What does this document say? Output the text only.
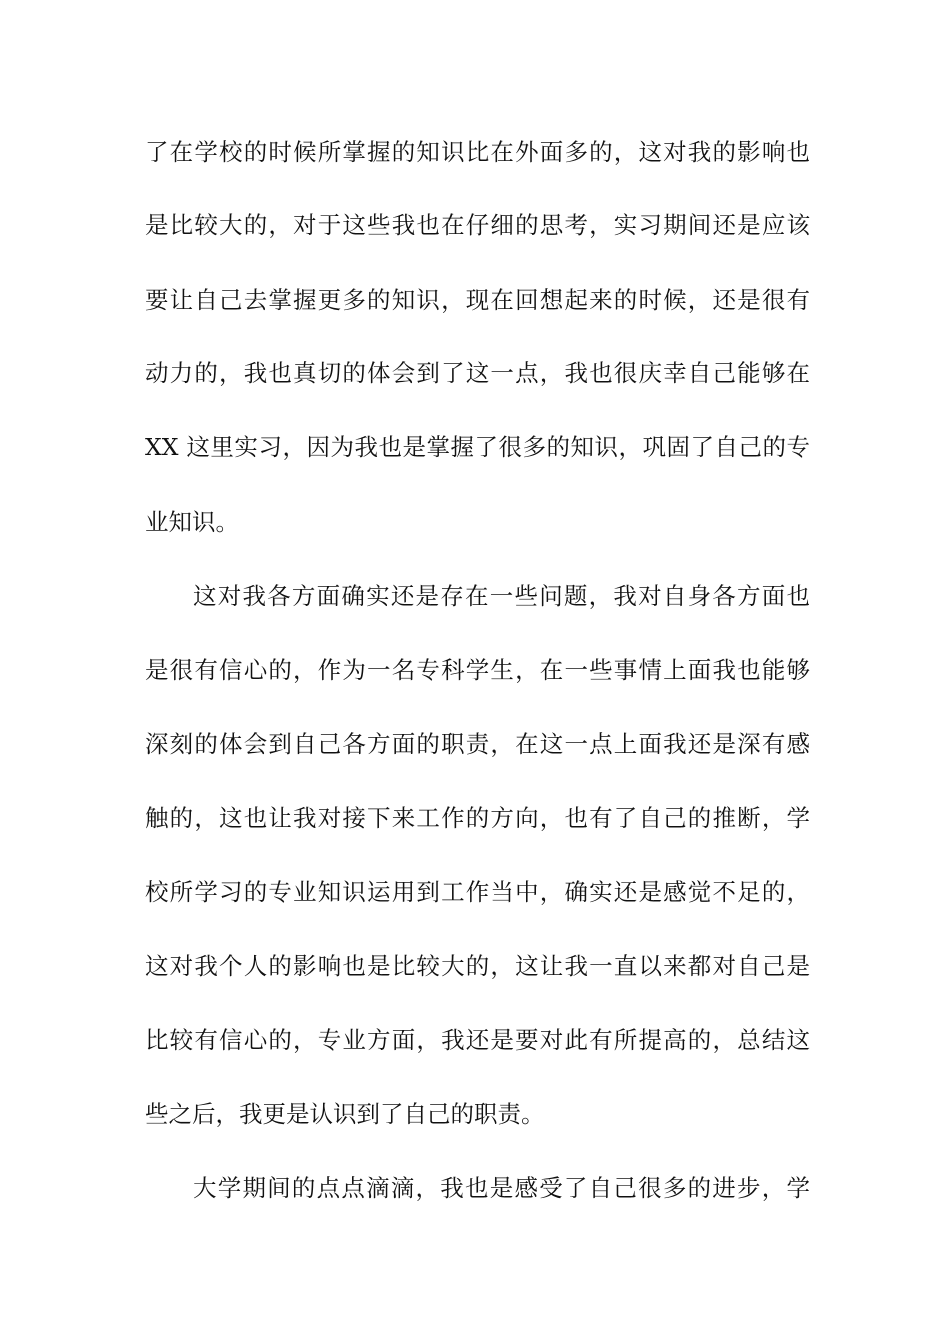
了在学校的时候所掌握的知识比在外面多的，这对我的影响也
是比较大的，对于这些我也在仔细的思考，实习期间还是应该
要让自己去掌握更多的知识，现在回想起来的时候，还是很有
动力的，我也真切的体会到了这一点，我也很庆幸自己能够在
XX 这里实习，因为我也是掌握了很多的知识，巩固了自己的专
业知识。
这对我各方面确实还是存在一些问题，我对自身各方面也
是很有信心的，作为一名专科学生，在一些事情上面我也能够
深刻的体会到自己各方面的职责，在这一点上面我还是深有感
触的，这也让我对接下来工作的方向，也有了自己的推断，学
校所学习的专业知识运用到工作当中，确实还是感觉不足的，
这对我个人的影响也是比较大的，这让我一直以来都对自己是
比较有信心的，专业方面，我还是要对此有所提高的，总结这
些之后，我更是认识到了自己的职责。
大学期间的点点滴滴，我也是感受了自己很多的进步，学
